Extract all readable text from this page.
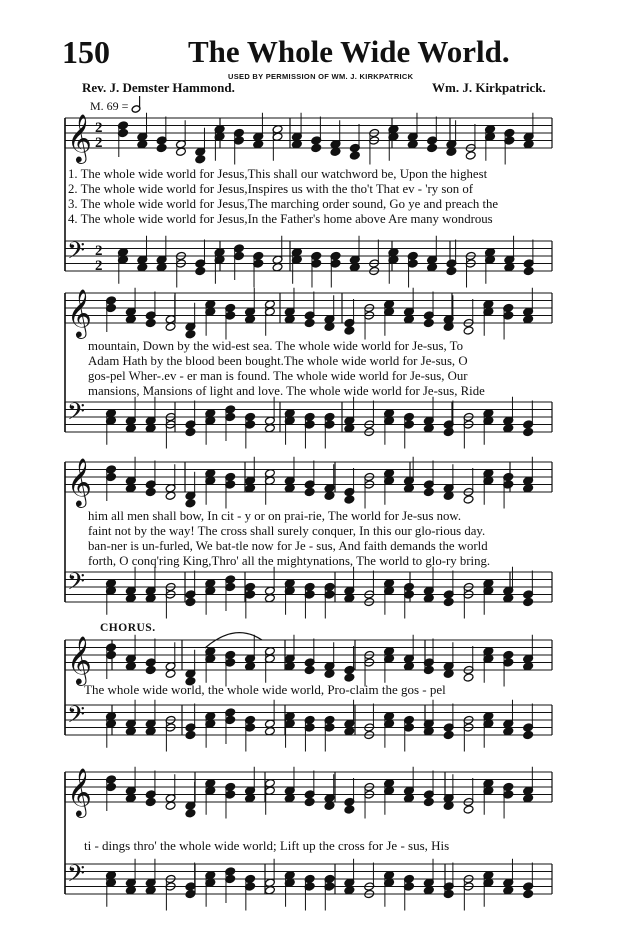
150	The Whole Wide World.
USED BY PERMISSION OF WM. J. KIRKPATRICK
Rev. J. Demster Hammond.	Wm. J. Kirkpatrick.
M. 69 =
𝄞 2
2
𝄢 2
2
𝄞
𝄢
𝄞
𝄢
𝄞
𝄢
𝄞
𝄢
1. The whole wide world for Jesus,This shall our watchword be, Upon the highest
2. The whole wide world for Jesus,Inspires us with the tho't That ev - 'ry son of
3. The whole wide world for Jesus,The marching order sound, Go ye and preach the
4. The whole wide world for Jesus,In the Father's home above Are many wondrous
mountain, Down by the wid-est sea. The whole wide world for Je-sus, To
Adam Hath by the blood been bought.The whole wide world for Je-sus, O
gos-pel Wher-.ev - er man is found. The whole wide world for Je-sus, Our
mansions, Mansions of light and love. The whole wide world for Je-sus, Ride
him all men shall bow, In cit - y or on prai-rie, The world for Je-sus now.
faint not by the way! The cross shall surely conquer, In this our glo-rious day.
ban-ner is un-furled, We bat-tle now for Je - sus, And faith demands the world
forth, O conq'ring King,Thro' all the mightynations, The world to glo-ry bring.
CHORUS.
The whole wide world, the whole wide world, Pro-claim the gos - pel
ti - dings thro' the whole wide world; Lift up the cross for Je - sus, His
